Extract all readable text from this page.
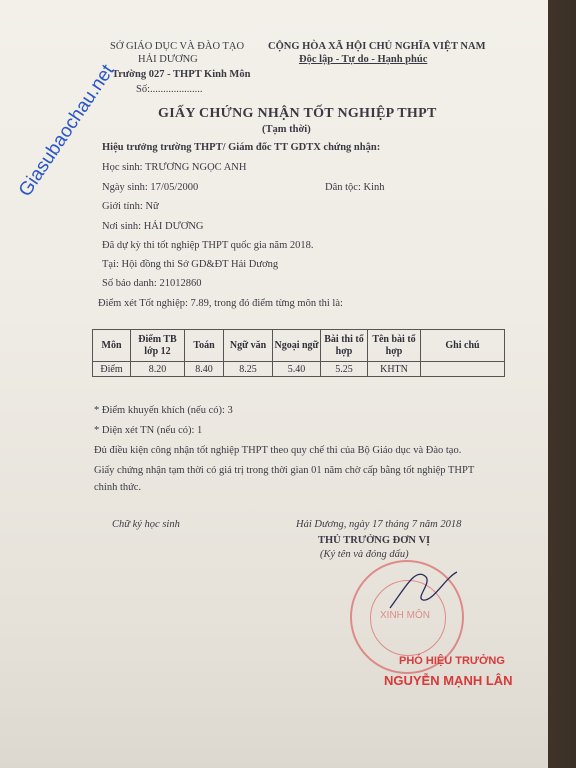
SỞ GIÁO DỤC VÀ ĐÀO TẠO
HẢI DƯƠNG
Trường 027 - THPT Kinh Môn
Số:....................
CỘNG HÒA XÃ HỘI CHỦ NGHĨA VIỆT NAM
Độc lập - Tự do - Hạnh phúc
GIẤY CHỨNG NHẬN TỐT NGHIỆP THPT
(Tạm thời)
Hiệu trưởng trường THPT/ Giám đốc TT GDTX chứng nhận:
Học sinh: TRƯƠNG NGỌC ANH
Ngày sinh: 17/05/2000	Dân tộc: Kinh
Giới tính: Nữ
Nơi sinh: HẢI DƯƠNG
Đã dự kỳ thi tốt nghiệp THPT quốc gia năm 2018.
Tại: Hội đồng thi Sở GD&ĐT Hải Dương
Số báo danh: 21012860
Điểm xét Tốt nghiệp: 7.89, trong đó điểm từng môn thi là:
Môn	Điểm TB lớp 12	Toán	Ngữ văn	Ngoại ngữ	Bài thi tổ hợp	Tên bài tổ hợp	Ghi chú
Điểm	8.20	8.40	8.25	5.40	5.25	KHTN	
* Điểm khuyến khích (nếu có): 3
* Diện xét TN (nếu có): 1
Đủ điều kiện công nhận tốt nghiệp THPT theo quy chế thi của Bộ Giáo dục và Đào tạo.
Giấy chứng nhận tạm thời có giá trị trong thời gian 01 năm chờ cấp bằng tốt nghiệp THPT
chính thức.
Chữ ký học sinh	Hải Dương, ngày 17 tháng 7 năm 2018
THỦ TRƯỞNG ĐƠN VỊ
(Ký tên và đóng dấu)
XINH MÔN
PHÓ HIỆU TRƯỞNG
NGUYỄN MẠNH LÂN
Giasubaochau.net
